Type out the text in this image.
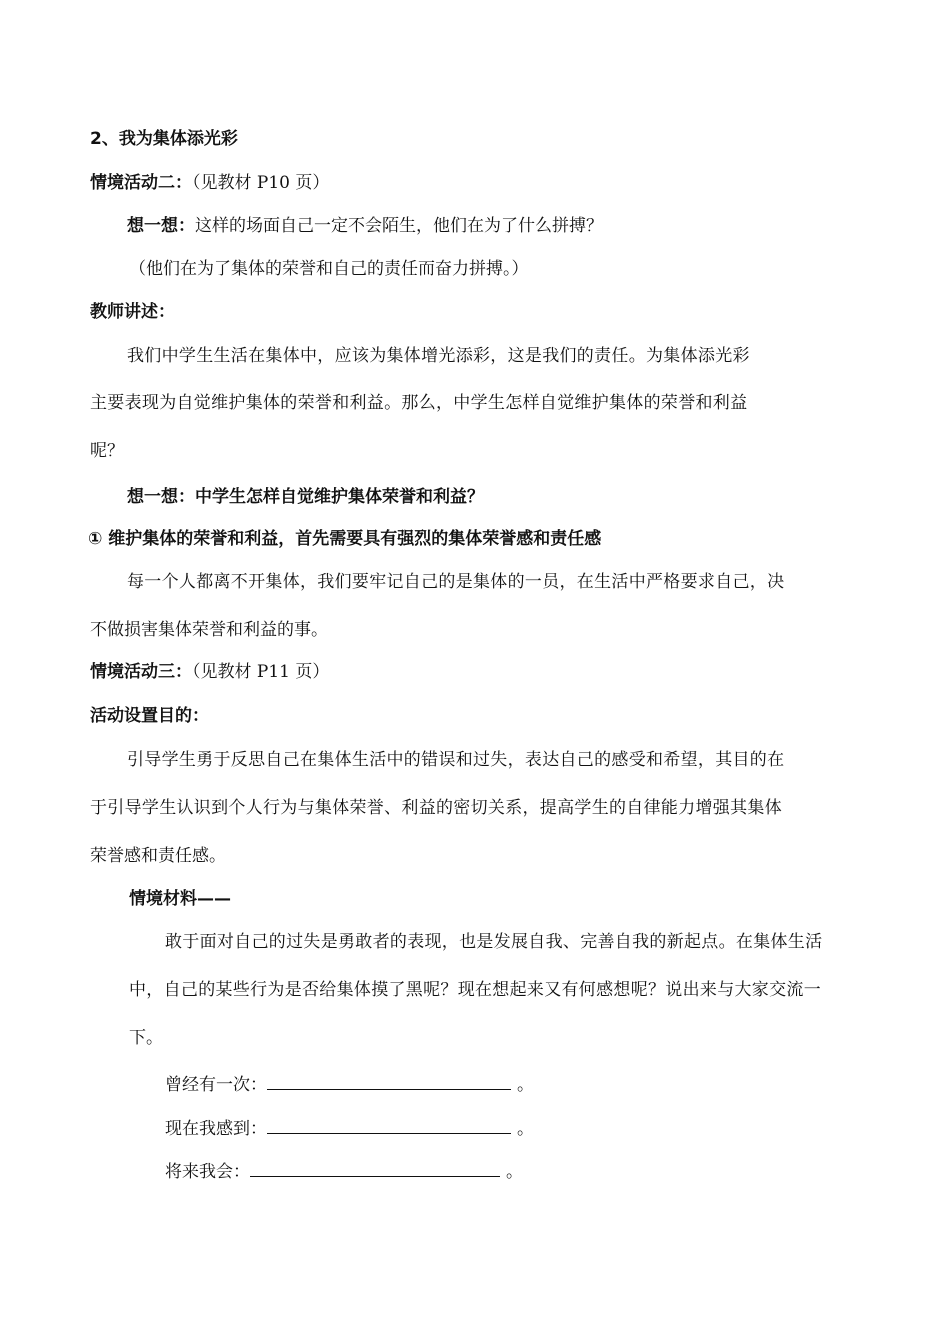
2、我为集体添光彩
情境活动二：（见教材 P10 页）
想一想：这样的场面自己一定不会陌生，他们在为了什么拼搏？
（他们在为了集体的荣誉和自己的责任而奋力拼搏。）
教师讲述：
我们中学生生活在集体中，应该为集体增光添彩，这是我们的责任。为集体添光彩
主要表现为自觉维护集体的荣誉和利益。那么，中学生怎样自觉维护集体的荣誉和利益
呢？
想一想：中学生怎样自觉维护集体荣誉和利益？
① 维护集体的荣誉和利益，首先需要具有强烈的集体荣誉感和责任感
每一个人都离不开集体，我们要牢记自己的是集体的一员，在生活中严格要求自己，决
不做损害集体荣誉和利益的事。
情境活动三：（见教材 P11 页）
活动设置目的：
引导学生勇于反思自己在集体生活中的错误和过失，表达自己的感受和希望，其目的在
于引导学生认识到个人行为与集体荣誉、利益的密切关系，提高学生的自律能力增强其集体
荣誉感和责任感。
情境材料——
敢于面对自己的过失是勇敢者的表现，也是发展自我、完善自我的新起点。在集体生活
中，自己的某些行为是否给集体摸了黑呢？现在想起来又有何感想呢？说出来与大家交流一
下。
曾经有一次：	。
现在我感到：	。
将来我会：	。
